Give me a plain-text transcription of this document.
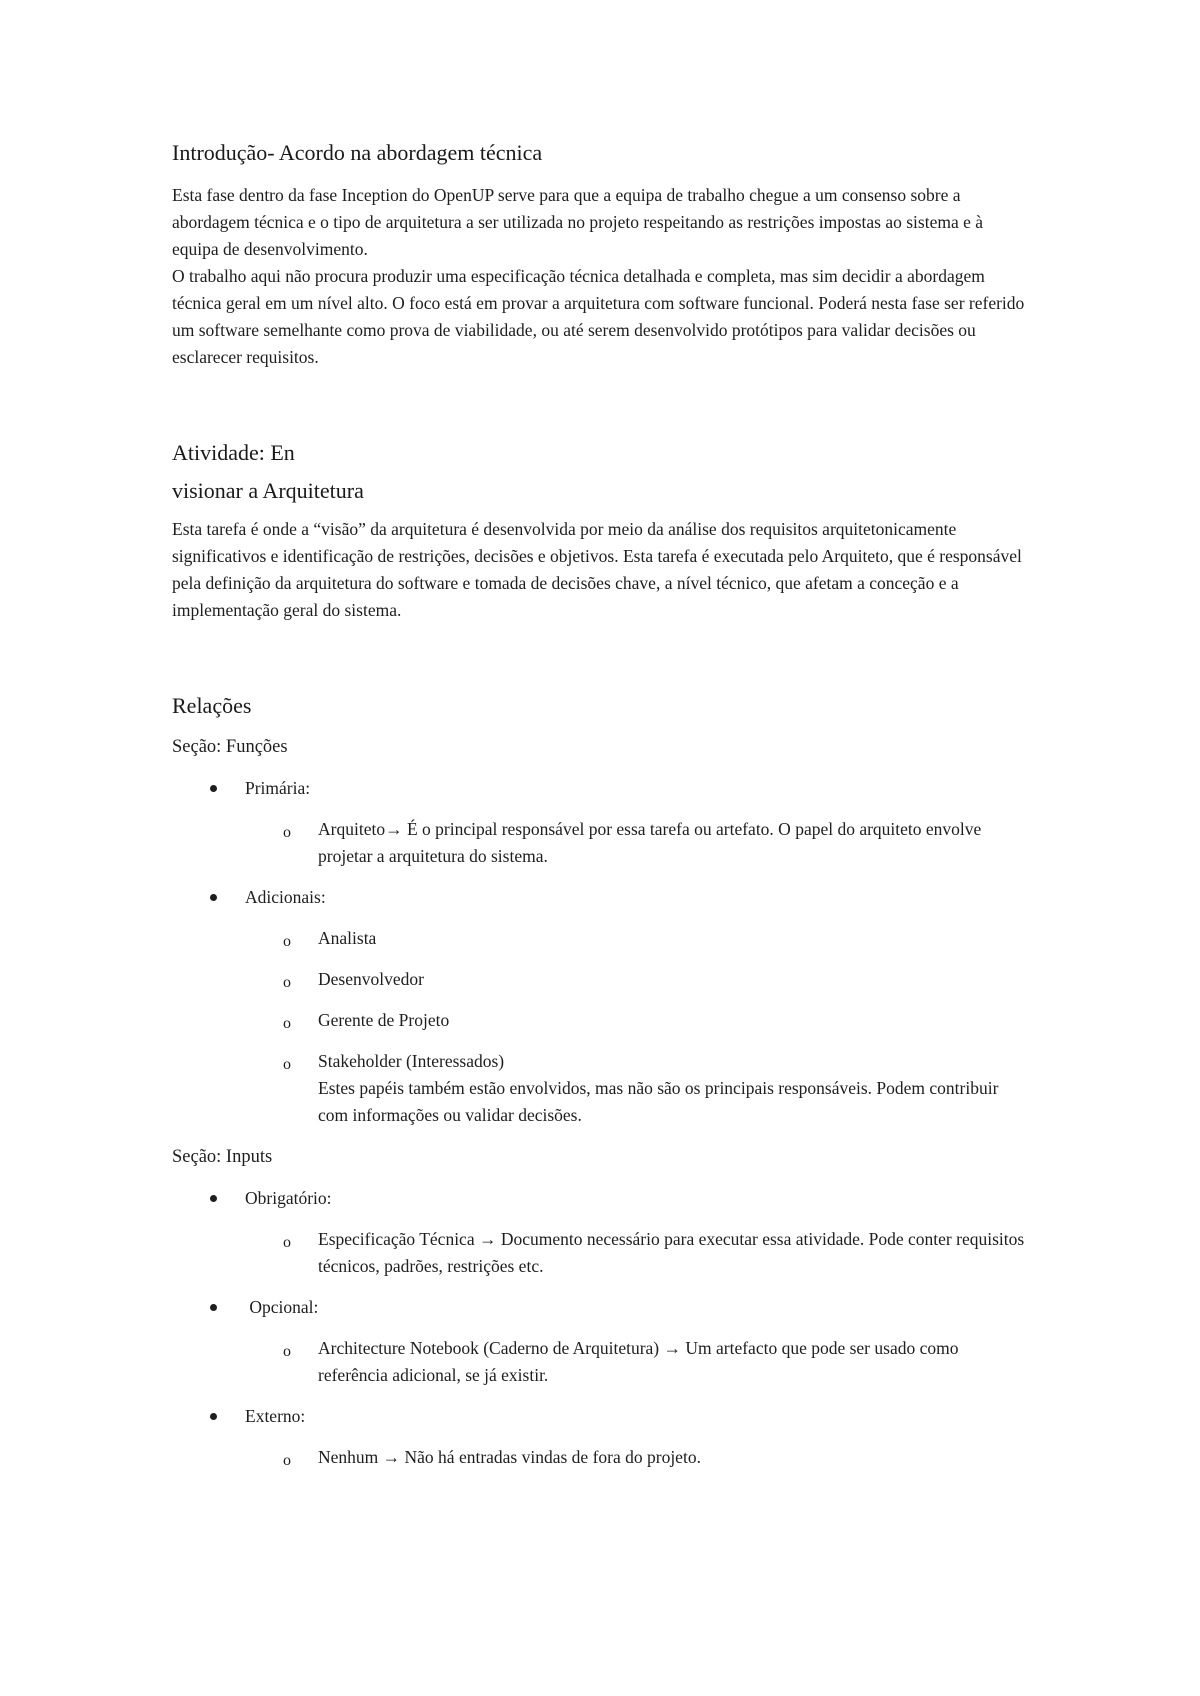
Introdução- Acordo na abordagem técnica

Esta fase dentro da fase Inception do OpenUP serve para que a equipa de trabalho chegue a um consenso sobre a abordagem técnica e o tipo de arquitetura a ser utilizada no projeto respeitando as restrições impostas ao sistema e à equipa de desenvolvimento.

O trabalho aqui não procura produzir uma especificação técnica detalhada e completa, mas sim decidir a abordagem técnica geral em um nível alto. O foco está em provar a arquitetura com software funcional. Poderá nesta fase ser referido um software semelhante como prova de viabilidade, ou até serem desenvolvido protótipos para validar decisões ou esclarecer requisitos.

Atividade: En
visionar a Arquitetura

Esta tarefa é onde a “visão” da arquitetura é desenvolvida por meio da análise dos requisitos arquitetonicamente significativos e identificação de restrições, decisões e objetivos. Esta tarefa é executada pelo Arquiteto, que é responsável pela definição da arquitetura do software e tomada de decisões chave, a nível técnico, que afetam a conceção e a implementação geral do sistema.

Relações

Seção: Funções

Primária:
o Arquiteto→ É o principal responsável por essa tarefa ou artefato. O papel do arquiteto envolve projetar a arquitetura do sistema.
Adicionais:
o Analista
o Desenvolvedor
o Gerente de Projeto
o Stakeholder (Interessados)
Estes papéis também estão envolvidos, mas não são os principais responsáveis. Podem contribuir com informações ou validar decisões.

Seção: Inputs

Obrigatório:
o Especificação Técnica → Documento necessário para executar essa atividade. Pode conter requisitos técnicos, padrões, restrições etc.
Opcional:
o Architecture Notebook (Caderno de Arquitetura) → Um artefacto que pode ser usado como referência adicional, se já existir.
Externo:
o Nenhum → Não há entradas vindas de fora do projeto.
